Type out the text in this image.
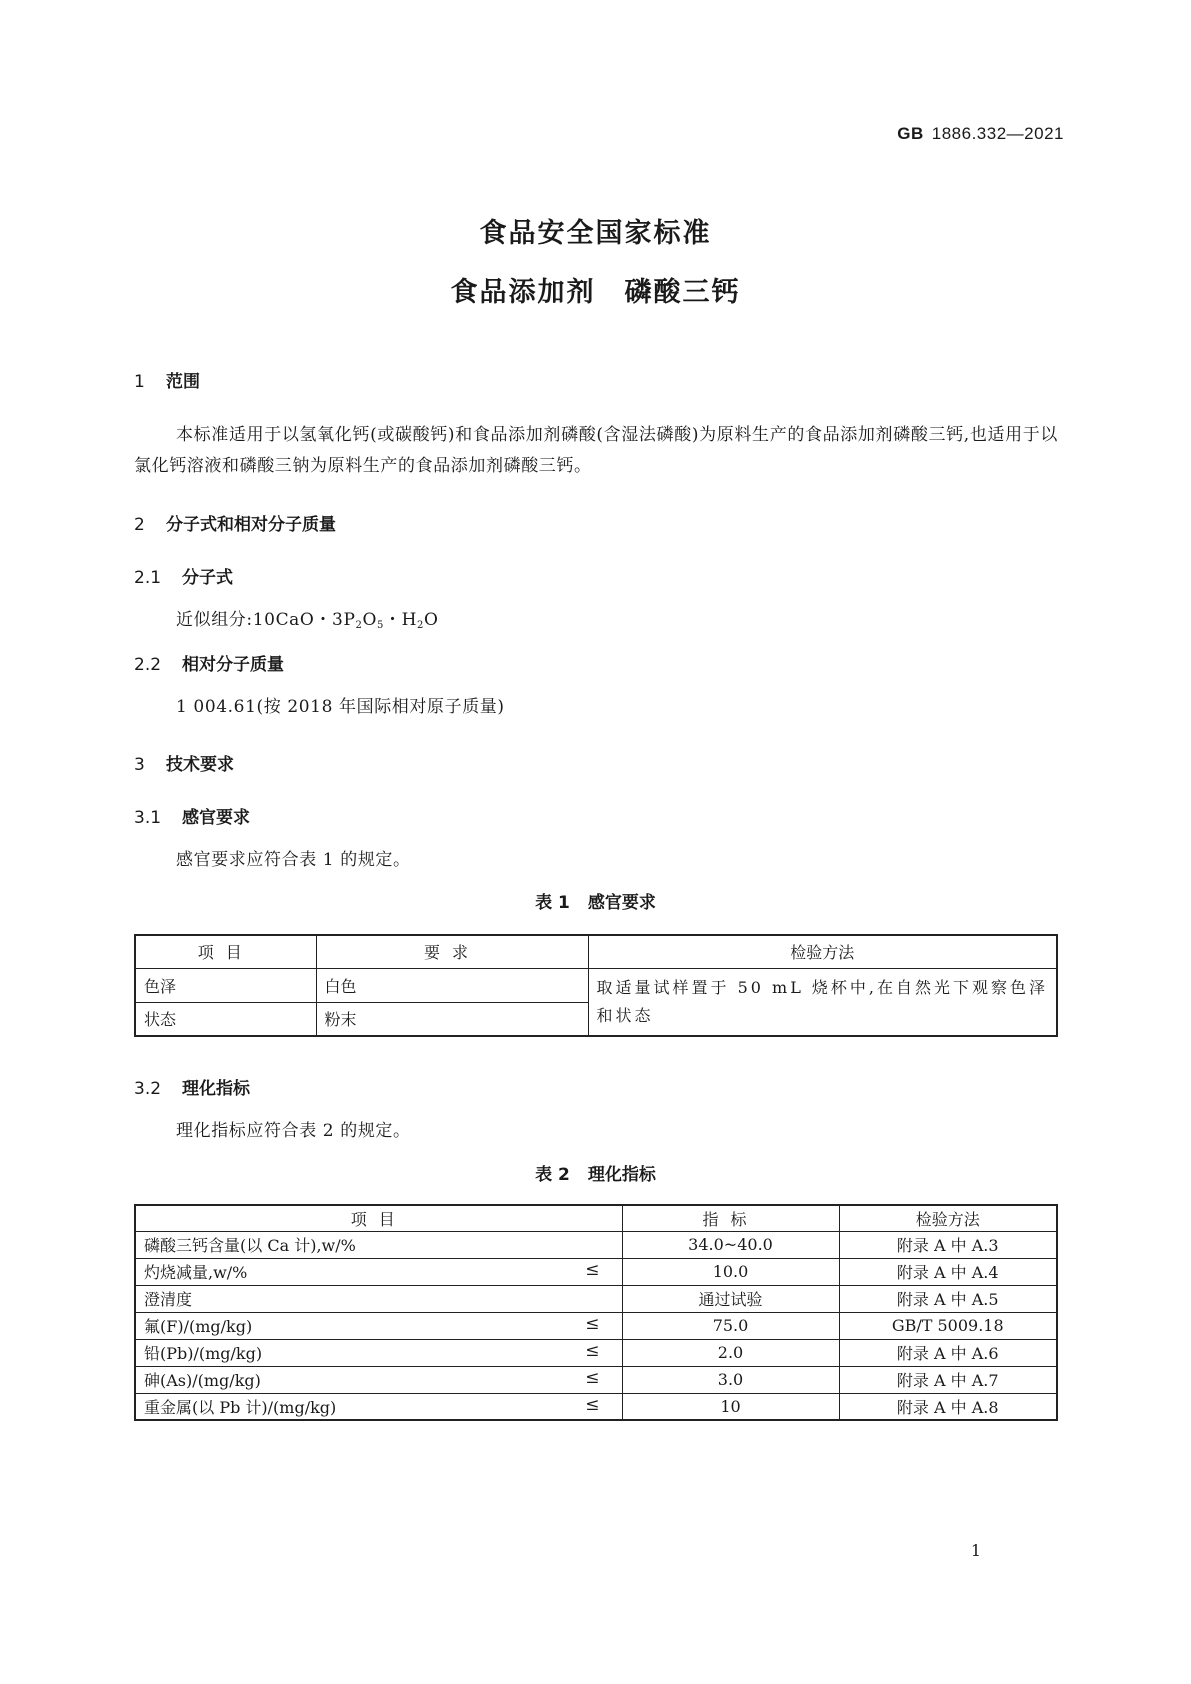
GB 1886.332—2021
食品安全国家标准
食品添加剂　磷酸三钙
1 范围
本标准适用于以氢氧化钙(或碳酸钙)和食品添加剂磷酸(含湿法磷酸)为原料生产的食品添加剂磷酸三钙,也适用于以氯化钙溶液和磷酸三钠为原料生产的食品添加剂磷酸三钙。
2 分子式和相对分子质量
2.1 分子式
近似组分:10CaO・$3P_2O_5$・$H_2O$
2.2 相对分子质量
1 004.61(按 2018 年国际相对原子质量)
3 技术要求
3.1 感官要求
感官要求应符合表 1 的规定。
表 1 感官要求
项目	要求	检验方法
色泽	白色	取适量试样置于 50 mL 烧杯中,在自然光下观察色泽和状态
状态	粉末	
3.2 理化指标
理化指标应符合表 2 的规定。
表 2 理化指标
项目	指标	检验方法
磷酸三钙含量(以 Ca 计),w/%	34.0~40.0	附录 A 中 A.3
灼烧减量,w/% ≤	10.0	附录 A 中 A.4
澄清度	通过试验	附录 A 中 A.5
氟(F)/(mg/kg) ≤	75.0	GB/T 5009.18
铅(Pb)/(mg/kg) ≤	2.0	附录 A 中 A.6
砷(As)/(mg/kg) ≤	3.0	附录 A 中 A.7
重金属(以 Pb 计)/(mg/kg) ≤	10	附录 A 中 A.8
1
